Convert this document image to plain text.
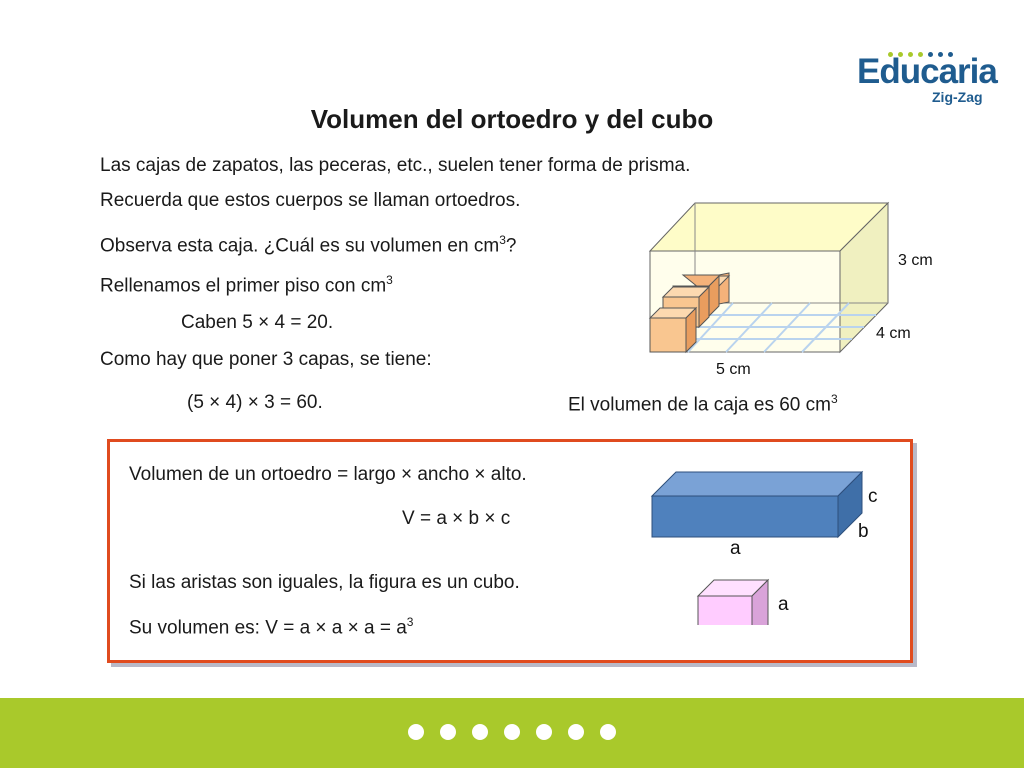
Educaria
Zig-Zag
Volumen del ortoedro y del cubo
Las cajas de zapatos, las peceras, etc., suelen tener forma de prisma.
Recuerda que estos cuerpos se llaman ortoedros.
Observa esta caja. ¿Cuál es su volumen en $cm^3$?
Rellenamos el primer piso con $cm^3$
Caben 5 × 4 = 20.
Como hay que poner 3 capas, se tiene:
(5 × 4) × 3 = 60.	El volumen de la caja es 60 $cm^3$
3 cm
4 cm
5 cm
Volumen de un ortoedro = largo × ancho × alto.
V = a × b × c
Si las aristas son iguales, la figura es un cubo.
Su volumen es: $V = a \times a \times a = a^3$
c
b
a
a
